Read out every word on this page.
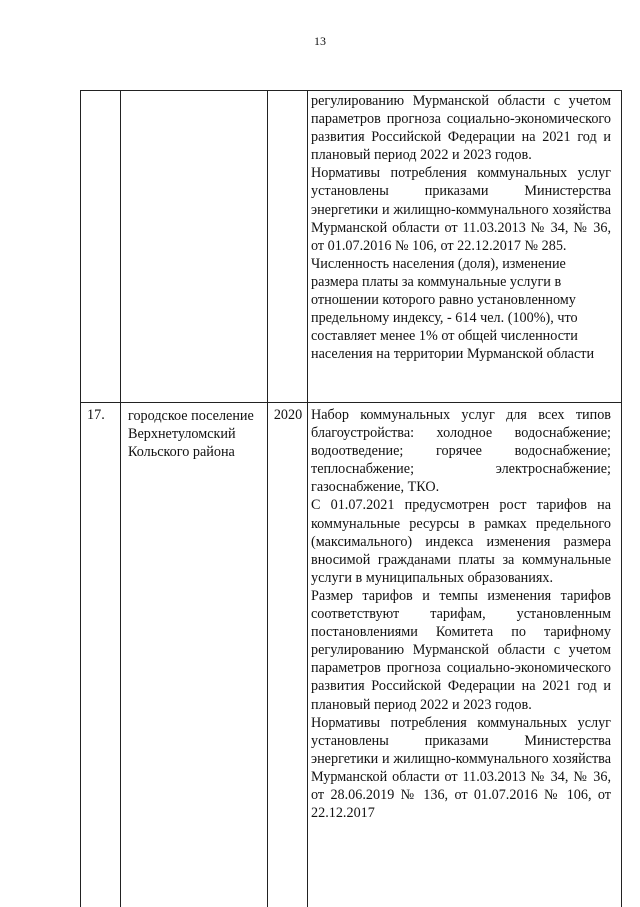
13

регулированию Мурманской области с учетом параметров прогноза социально-экономического развития Российской Федерации на 2021 год и плановый период 2022 и 2023 годов.

Нормативы потребления коммунальных услуг установлены приказами Министерства энергетики и жилищно-коммунального хозяйства Мурманской области от 11.03.2013 № 34, № 36, от 01.07.2016 № 106, от 22.12.2017 № 285.

Численность населения (доля), изменение размера платы за коммунальные услуги в отношении которого равно установленному предельному индексу, - 614 чел. (100%), что составляет менее 1% от общей численности населения на территории Мурманской области

17.	городское поселение Верхнетуломский Кольского района
2020 Набор коммунальных услуг для всех типов благоустройства: холодное водоснабжение; водоотведение; горячее водоснабжение; теплоснабжение; электроснабжение; газоснабжение, ТКО.

С 01.07.2021 предусмотрен рост тарифов на коммунальные ресурсы в рамках предельного (максимального) индекса изменения размера вносимой гражданами платы за коммунальные услуги в муниципальных образованиях.

Размер тарифов и темпы изменения тарифов соответствуют тарифам, установленным постановлениями Комитета по тарифному регулированию Мурманской области с учетом параметров прогноза социально-экономического развития Российской Федерации на 2021 год и плановый период 2022 и 2023 годов.

Нормативы потребления коммунальных услуг установлены приказами Министерства энергетики и жилищно-коммунального хозяйства Мурманской области от 11.03.2013 № 34, № 36, от 28.06.2019 № 136, от 01.07.2016 № 106, от 22.12.2017
